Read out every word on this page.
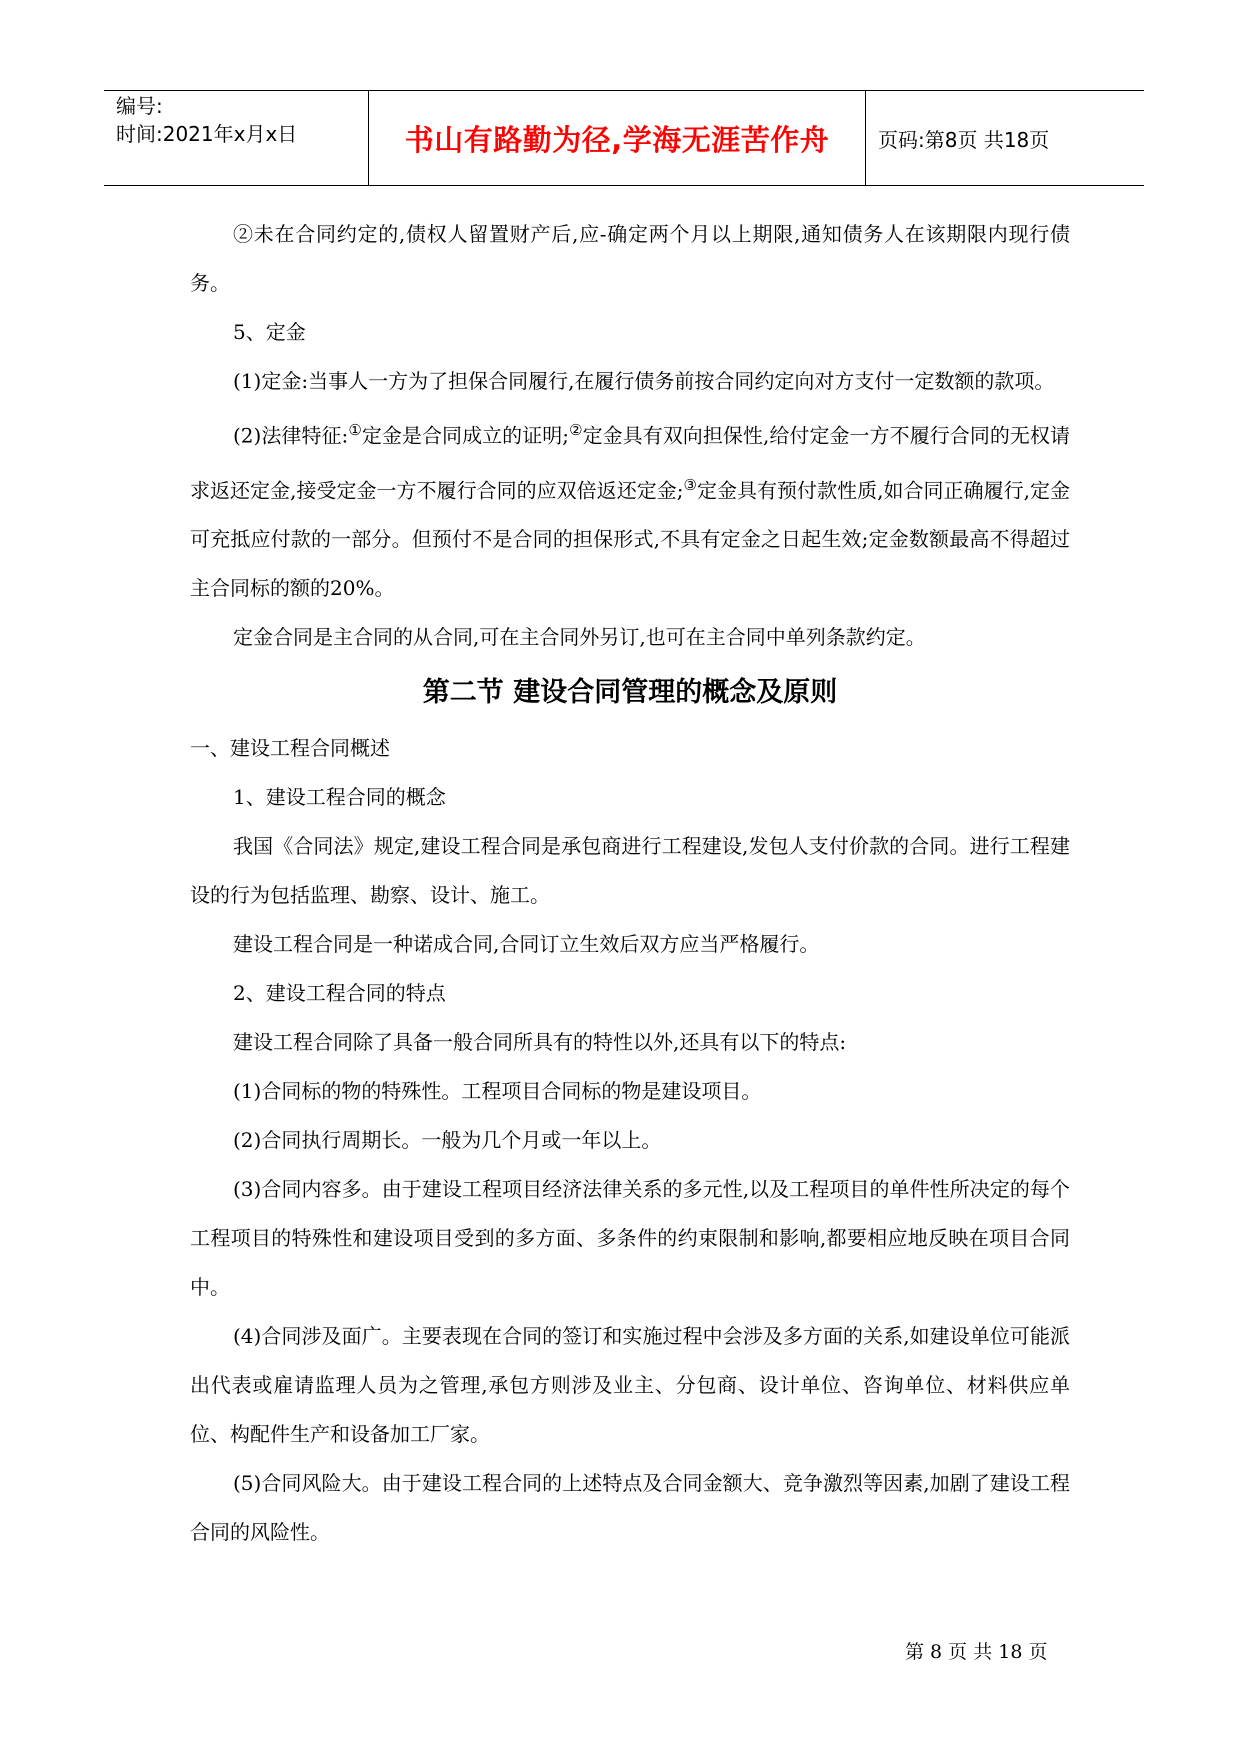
编号:
时间:2021年x月x日	书山有路勤为径,学海无涯苦作舟	页码:第8页 共18页

②未在合同约定的,债权人留置财产后,应-确定两个月以上期限,通知债务人在该期限内现行债务。

5、定金

(1)定金:当事人一方为了担保合同履行,在履行债务前按合同约定向对方支付一定数额的款项。

(2)法律特征:①定金是合同成立的证明;②定金具有双向担保性,给付定金一方不履行合同的无权请求返还定金,接受定金一方不履行合同的应双倍返还定金;③定金具有预付款性质,如合同正确履行,定金可充抵应付款的一部分。但预付不是合同的担保形式,不具有定金之日起生效;定金数额最高不得超过主合同标的额的20%。

定金合同是主合同的从合同,可在主合同外另订,也可在主合同中单列条款约定。

第二节 建设合同管理的概念及原则

一、建设工程合同概述

1、建设工程合同的概念

我国《合同法》规定,建设工程合同是承包商进行工程建设,发包人支付价款的合同。进行工程建设的行为包括监理、勘察、设计、施工。

建设工程合同是一种诺成合同,合同订立生效后双方应当严格履行。

2、建设工程合同的特点

建设工程合同除了具备一般合同所具有的特性以外,还具有以下的特点:

(1)合同标的物的特殊性。工程项目合同标的物是建设项目。

(2)合同执行周期长。一般为几个月或一年以上。

(3)合同内容多。由于建设工程项目经济法律关系的多元性,以及工程项目的单件性所决定的每个工程项目的特殊性和建设项目受到的多方面、多条件的约束限制和影响,都要相应地反映在项目合同中。

(4)合同涉及面广。主要表现在合同的签订和实施过程中会涉及多方面的关系,如建设单位可能派出代表或雇请监理人员为之管理,承包方则涉及业主、分包商、设计单位、咨询单位、材料供应单位、构配件生产和设备加工厂家。

(5)合同风险大。由于建设工程合同的上述特点及合同金额大、竞争激烈等因素,加剧了建设工程合同的风险性。

第 8 页 共 18 页
